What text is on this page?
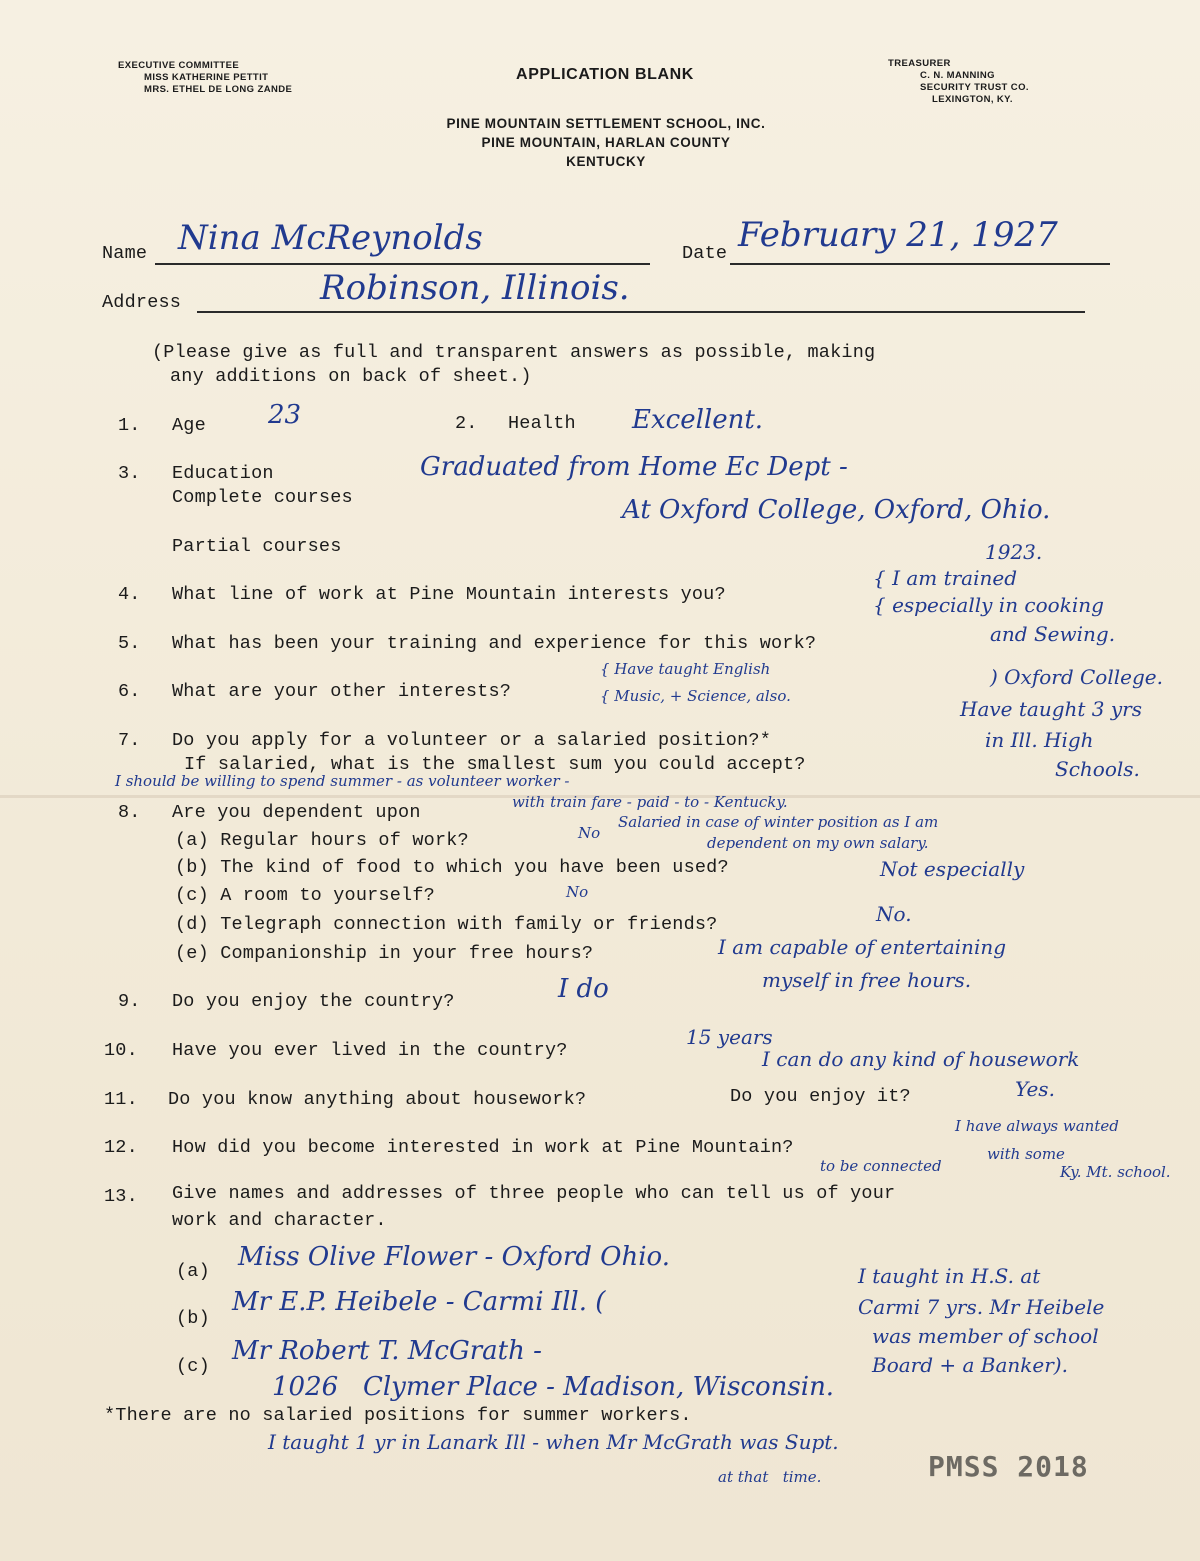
EXECUTIVE COMMITTEE
MISS KATHERINE PETTIT
MRS. ETHEL DE LONG ZANDE
TREASURER
C. N. MANNING
SECURITY TRUST CO.
LEXINGTON, KY.
APPLICATION BLANK
PINE MOUNTAIN SETTLEMENT SCHOOL, INC.
PINE MOUNTAIN, HARLAN COUNTY
KENTUCKY
Name Nina McReynolds	Date February 21, 1927
Address	Robinson, Illinois.
(Please give as full and transparent answers as possible, making
any additions on back of sheet.)
1. Age 23	2. Health Excellent.
3. Education
Complete courses
Graduated from Home Ec Dept -
At Oxford College, Oxford, Ohio.
Partial courses	1923.
4. What line of work at Pine Mountain interests you?
{ I am trained
{ especially in cooking
and Sewing.
5. What has been your training and experience for this work?
) Oxford College.
Have taught 3 yrs
in Ill. High
Schools.
6. What are your other interests?
{ Have taught English
{ Music, + Science, also.
7. Do you apply for a volunteer or a salaried position?*
If salaried, what is the smallest sum you could accept?
I should be willing to spend summer - as volunteer worker -
8. Are you dependent upon	with train fare - paid - to - Kentucky.
Salaried in case of winter position as I am
dependent on my own salary.
(a) Regular hours of work?	No
(b) The kind of food to which you have been used?	Not especially
(c) A room to yourself?	No
(d) Telegraph connection with family or friends?	No.
(e) Companionship in your free hours?	I am capable of entertaining
myself in free hours.
9. Do you enjoy the country?	I do
10. Have you ever lived in the country?
15 years
11. Do you know anything about housework?	Do you enjoy it?
I can do any kind of housework
Yes.
12. How did you become interested in work at Pine Mountain?
I have always wanted
with some
to be connected	Ky. Mt. school.
13. Give names and addresses of three people who can tell us of your
work and character.
(a) Miss Olive Flower - Oxford Ohio.
(b)
Mr E.P. Heibele - Carmi Ill. (
I taught in H.S. at
Carmi 7 yrs. Mr Heibele
was member of school
Board + a Banker).
(c)
Mr Robert T. McGrath -
1026   Clymer Place - Madison, Wisconsin.
*There are no salaried positions for summer workers.
I taught 1 yr in Lanark Ill - when Mr McGrath was Supt.
at that   time.	PMSS 2018
